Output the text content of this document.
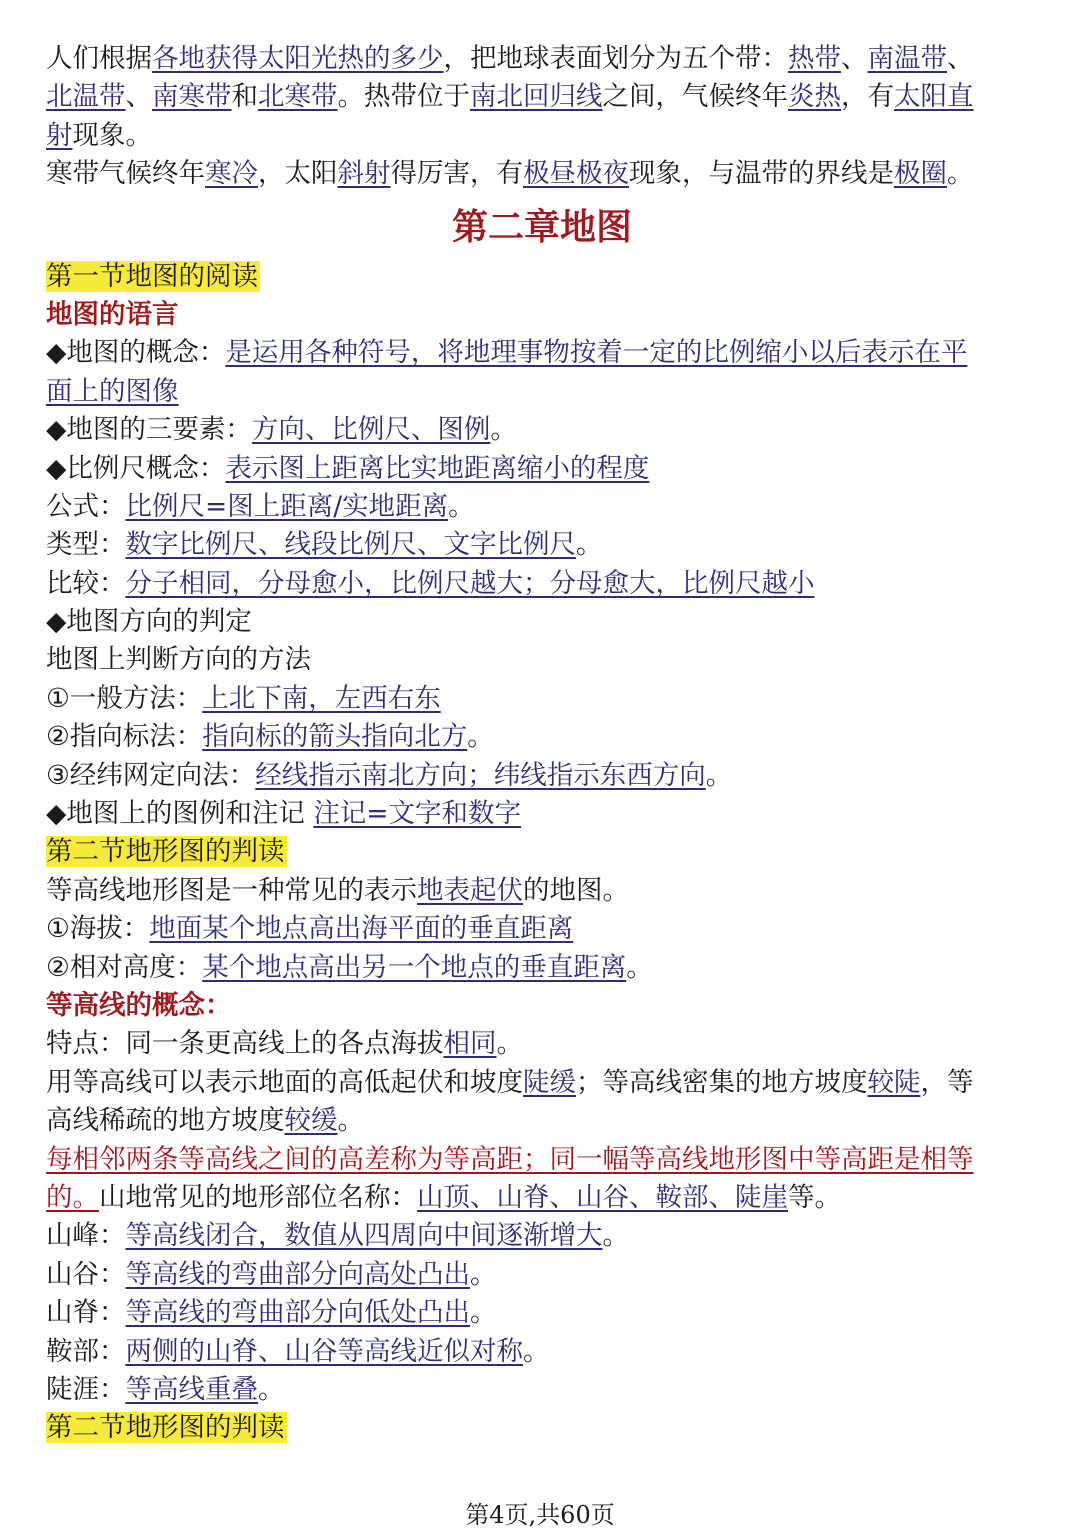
人们根据各地获得太阳光热的多少，把地球表面划分为五个带：热带、南温带、
北温带、南寒带和北寒带。热带位于南北回归线之间，气候终年炎热，有太阳直
射现象。
寒带气候终年寒冷，太阳斜射得厉害，有极昼极夜现象，与温带的界线是极圈。
第二章地图
第一节地图的阅读
地图的语言
◆地图的概念：是运用各种符号，将地理事物按着一定的比例缩小以后表示在平
面上的图像
◆地图的三要素：方向、比例尺、图例。
◆比例尺概念：表示图上距离比实地距离缩小的程度
公式：比例尺=图上距离/实地距离。
类型：数字比例尺、线段比例尺、文字比例尺。
比较：分子相同，分母愈小，比例尺越大；分母愈大，比例尺越小
◆地图方向的判定
地图上判断方向的方法
①一般方法：上北下南，左西右东
②指向标法：指向标的箭头指向北方。
③经纬网定向法：经线指示南北方向；纬线指示东西方向。
◆地图上的图例和注记 注记=文字和数字
第二节地形图的判读
等高线地形图是一种常见的表示地表起伏的地图。
①海拔：地面某个地点高出海平面的垂直距离
②相对高度：某个地点高出另一个地点的垂直距离。
等高线的概念：
特点：同一条更高线上的各点海拔相同。
用等高线可以表示地面的高低起伏和坡度陡缓；等高线密集的地方坡度较陡，等
高线稀疏的地方坡度较缓。
每相邻两条等高线之间的高差称为等高距；同一幅等高线地形图中等高距是相等
的。山地常见的地形部位名称：山顶、山脊、山谷、鞍部、陡崖等。
山峰：等高线闭合，数值从四周向中间逐渐增大。
山谷：等高线的弯曲部分向高处凸出。
山脊：等高线的弯曲部分向低处凸出。
鞍部：两侧的山脊、山谷等高线近似对称。
陡涯：等高线重叠。
第二节地形图的判读
第4页,共60页
